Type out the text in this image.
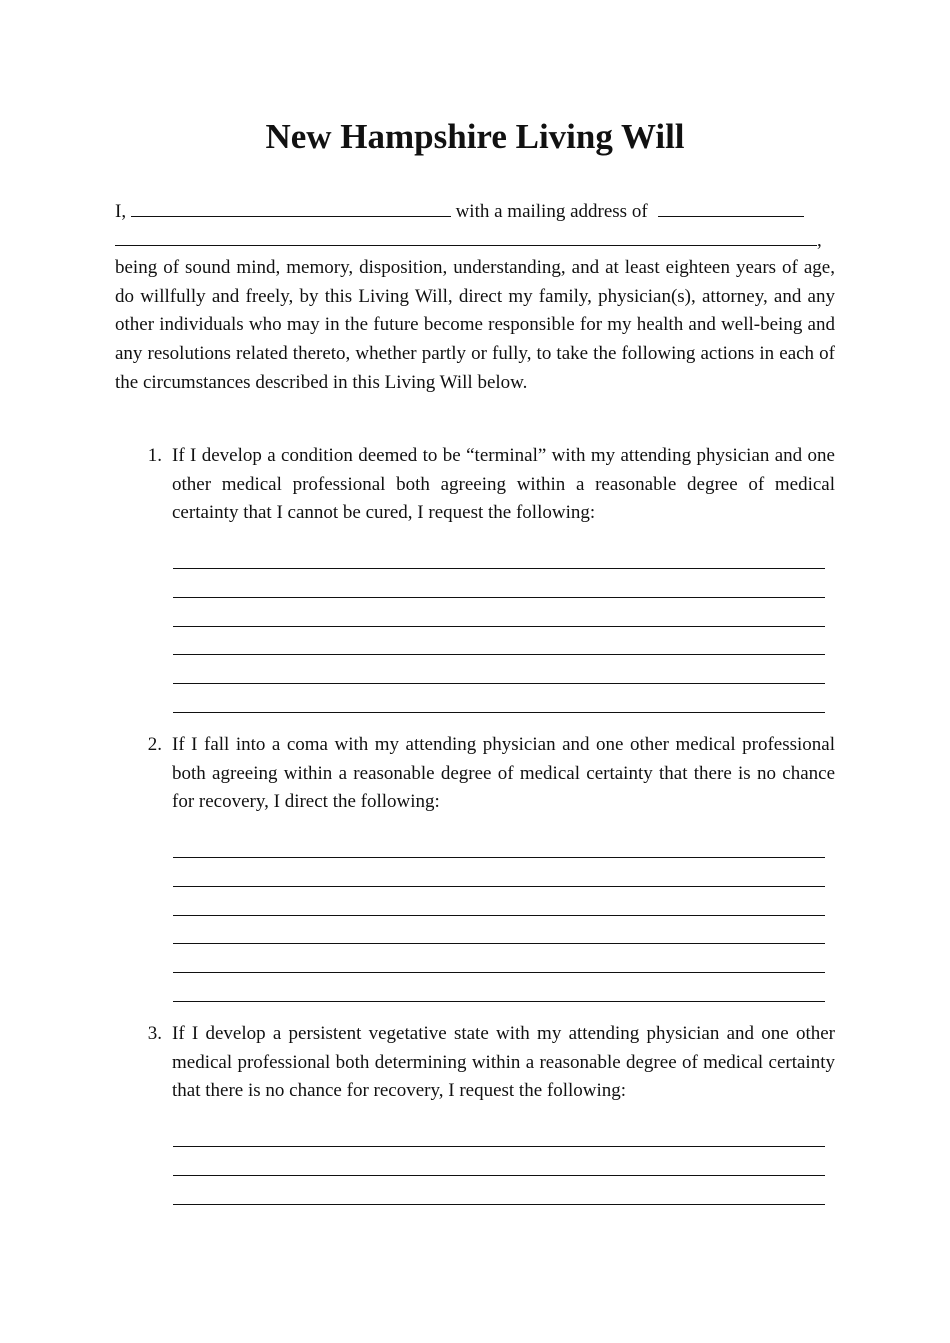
New Hampshire Living Will
I,	with a mailing address of
,

being of sound mind, memory, disposition, understanding, and at least eighteen years of age, do willfully and freely, by this Living Will, direct my family, physician(s), attorney, and any other individuals who may in the future become responsible for my health and well-being and any resolutions related thereto, whether partly or fully, to take the following actions in each of the circumstances described in this Living Will below.

1. If I develop a condition deemed to be “terminal” with my attending physician and one other medical professional both agreeing within a reasonable degree of medical certainty that I cannot be cured, I request the following:
2. If I fall into a coma with my attending physician and one other medical professional both agreeing within a reasonable degree of medical certainty that there is no chance for recovery, I direct the following:
3. If I develop a persistent vegetative state with my attending physician and one other medical professional both determining within a reasonable degree of medical certainty that there is no chance for recovery, I request the following:
